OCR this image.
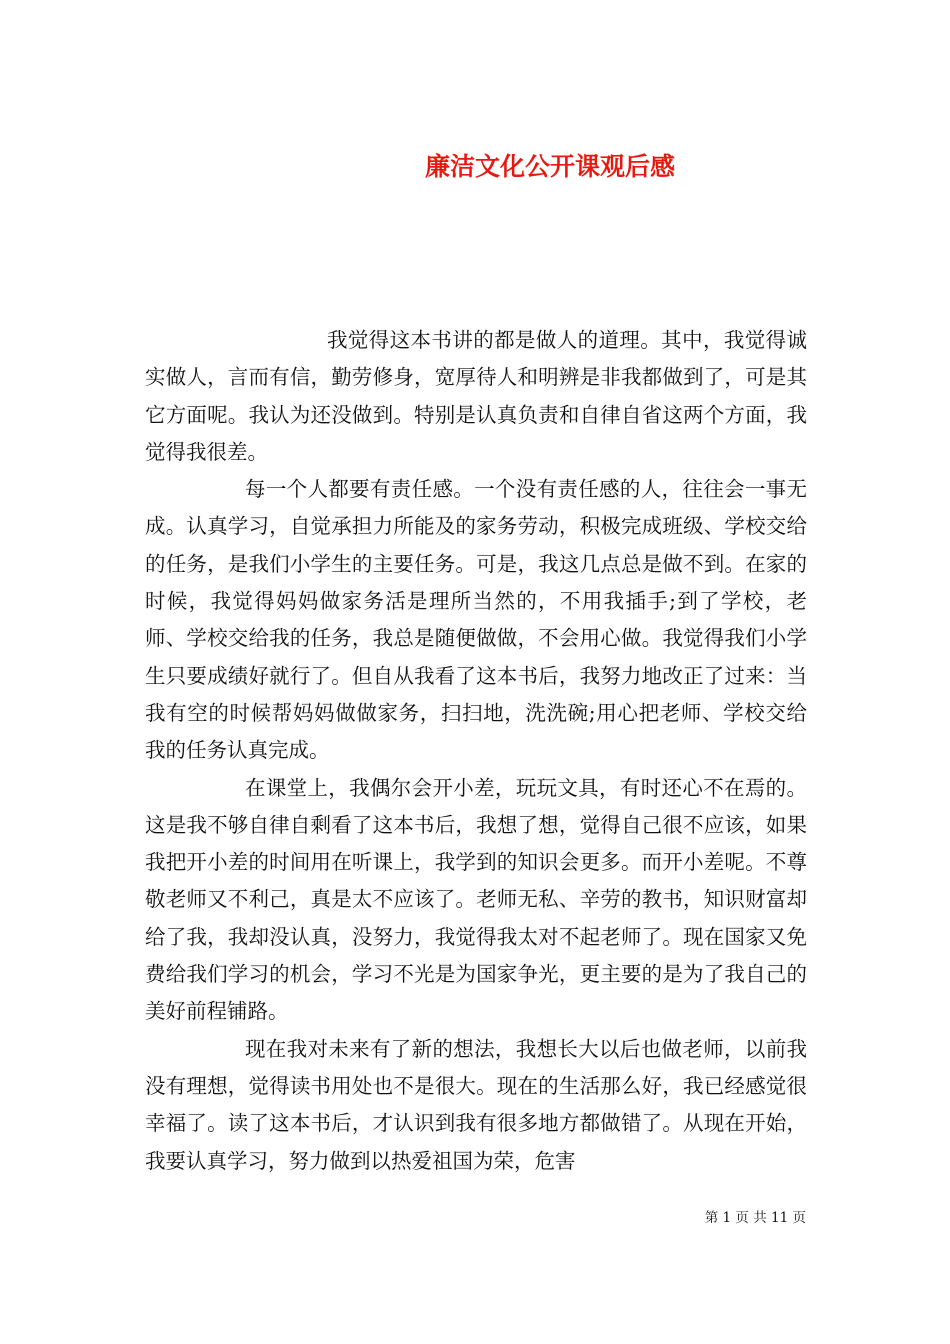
廉洁文化公开课观后感

我觉得这本书讲的都是做人的道理。其中，我觉得诚实做人，言而有信，勤劳修身，宽厚待人和明辨是非我都做到了，可是其它方面呢。我认为还没做到。特别是认真负责和自律自省这两个方面，我觉得我很差。

每一个人都要有责任感。一个没有责任感的人，往往会一事无成。认真学习，自觉承担力所能及的家务劳动，积极完成班级、学校交给的任务，是我们小学生的主要任务。可是，我这几点总是做不到。在家的时候，我觉得妈妈做家务活是理所当然的，不用我插手;到了学校，老师、学校交给我的任务，我总是随便做做，不会用心做。我觉得我们小学生只要成绩好就行了。但自从我看了这本书后，我努力地改正了过来：当我有空的时候帮妈妈做做家务，扫扫地，洗洗碗;用心把老师、学校交给我的任务认真完成。

在课堂上，我偶尔会开小差，玩玩文具，有时还心不在焉的。这是我不够自律自剩看了这本书后，我想了想，觉得自己很不应该，如果我把开小差的时间用在听课上，我学到的知识会更多。而开小差呢。不尊敬老师又不利己，真是太不应该了。老师无私、辛劳的教书，知识财富却给了我，我却没认真，没努力，我觉得我太对不起老师了。现在国家又免费给我们学习的机会，学习不光是为国家争光，更主要的是为了我自己的美好前程铺路。

现在我对未来有了新的想法，我想长大以后也做老师，以前我没有理想，觉得读书用处也不是很大。现在的生活那么好，我已经感觉很幸福了。读了这本书后，才认识到我有很多地方都做错了。从现在开始，我要认真学习，努力做到以热爱祖国为荣，危害

第 1 页 共 11 页
